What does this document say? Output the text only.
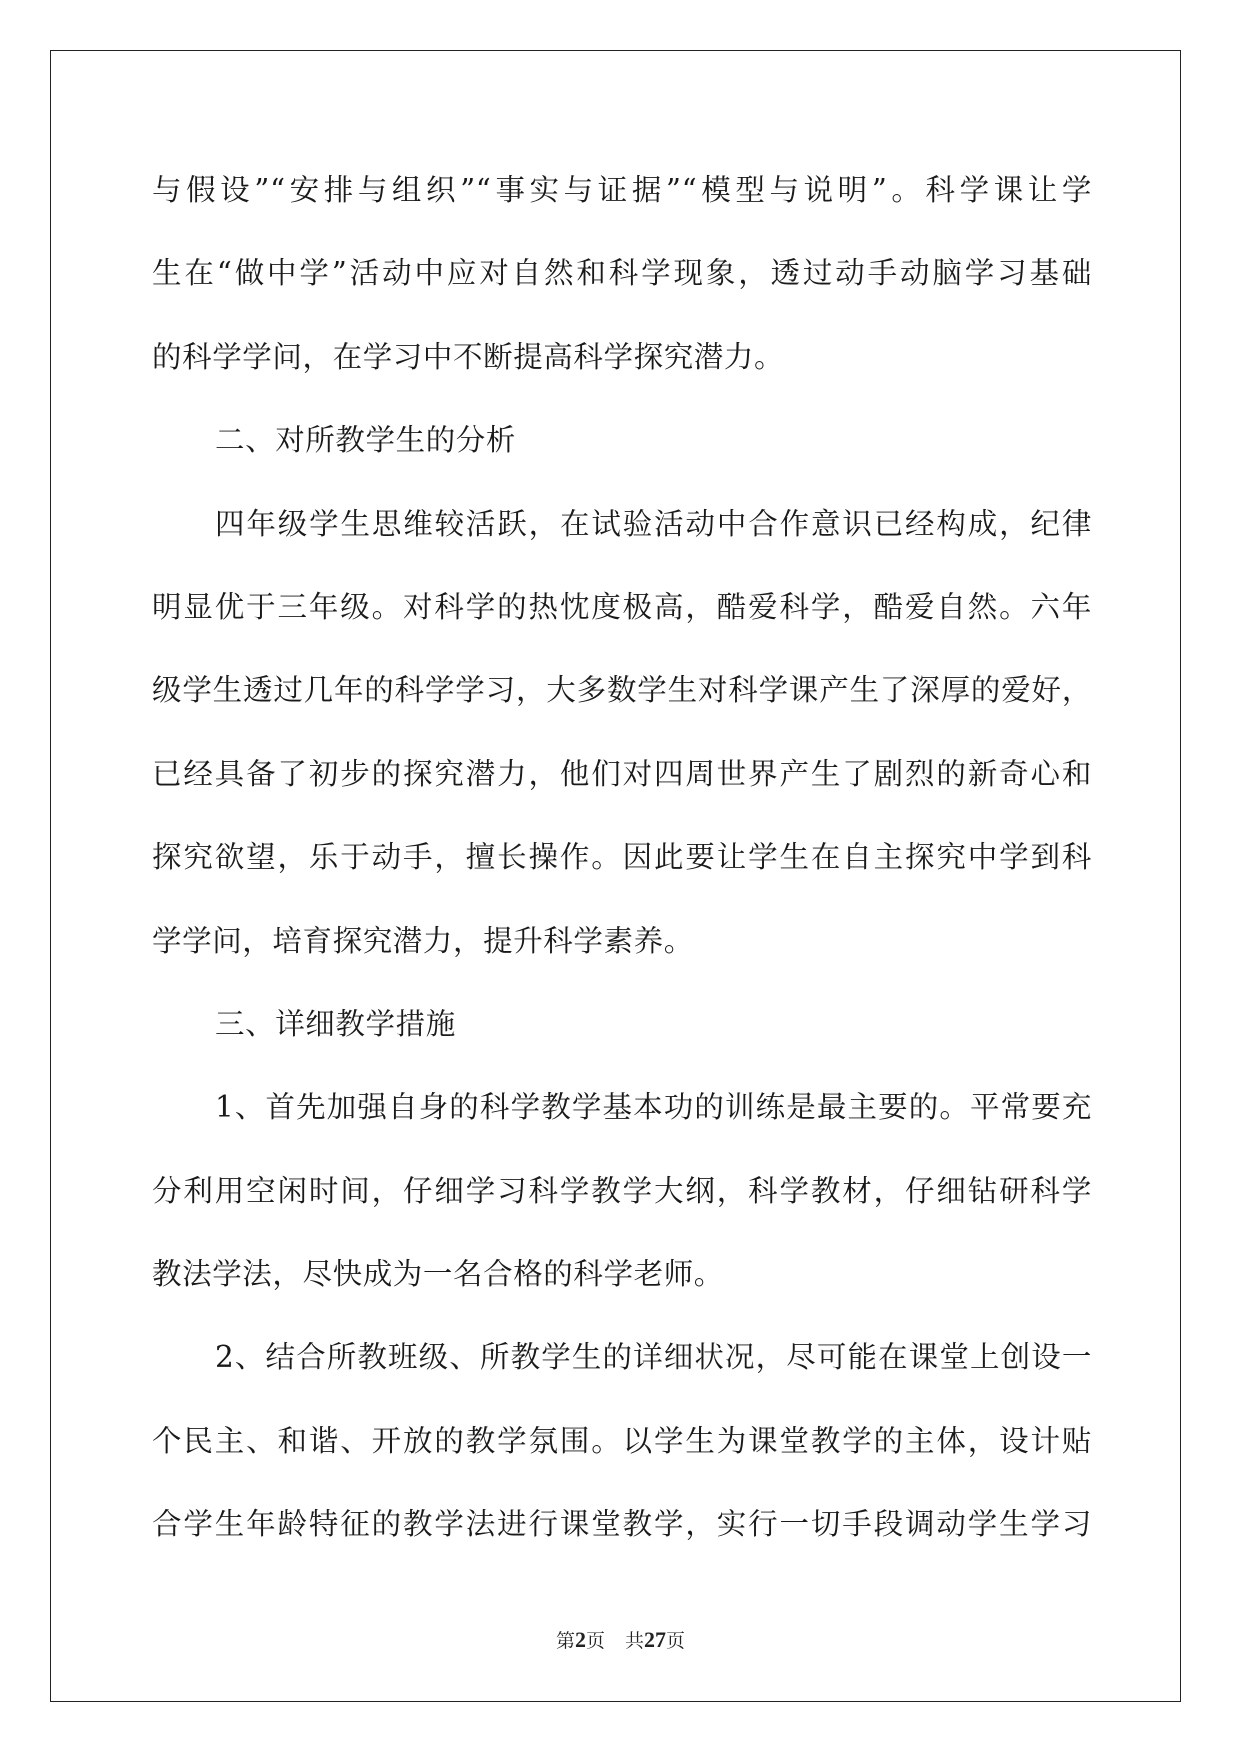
与假设”“安排与组织”“事实与证据”“模型与说明”。科学课让学
生在“做中学”活动中应对自然和科学现象，透过动手动脑学习基础
的科学学问，在学习中不断提高科学探究潜力。
二、对所教学生的分析
四年级学生思维较活跃，在试验活动中合作意识已经构成，纪律
明显优于三年级。对科学的热忱度极高，酷爱科学，酷爱自然。六年
级学生透过几年的科学学习，大多数学生对科学课产生了深厚的爱好，
已经具备了初步的探究潜力，他们对四周世界产生了剧烈的新奇心和
探究欲望，乐于动手，擅长操作。因此要让学生在自主探究中学到科
学学问，培育探究潜力，提升科学素养。
三、详细教学措施
1、首先加强自身的科学教学基本功的训练是最主要的。平常要充
分利用空闲时间，仔细学习科学教学大纲，科学教材，仔细钻研科学
教法学法，尽快成为一名合格的科学老师。
2、结合所教班级、所教学生的详细状况，尽可能在课堂上创设一
个民主、和谐、开放的教学氛围。以学生为课堂教学的主体，设计贴
合学生年龄特征的教学法进行课堂教学，实行一切手段调动学生学习
第2页 共27页
